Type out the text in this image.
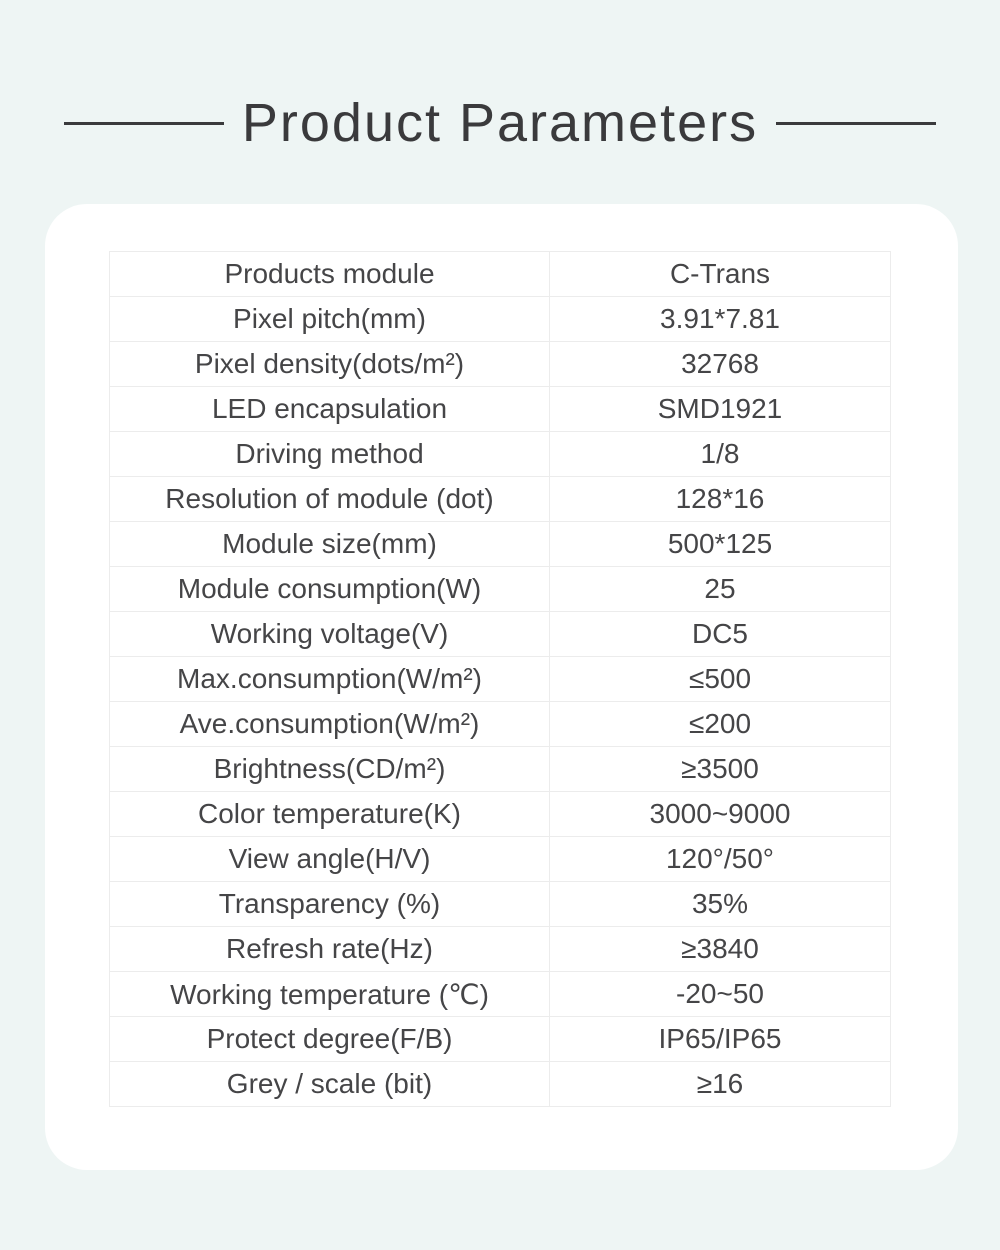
Product Parameters
Products module	C-Trans
Pixel pitch(mm)	3.91*7.81
Pixel density(dots/m²)	32768
LED encapsulation	SMD1921
Driving method	1/8
Resolution of module (dot)	128*16
Module size(mm)	500*125
Module consumption(W)	25
Working voltage(V)	DC5
Max.consumption(W/m²)	≤500
Ave.consumption(W/m²)	≤200
Brightness(CD/m²)	≥3500
Color temperature(K)	3000~9000
View angle(H/V)	120°/50°
Transparency (%)	35%
Refresh rate(Hz)	≥3840
Working temperature (℃)	-20~50
Protect degree(F/B)	IP65/IP65
Grey / scale (bit)	≥16
